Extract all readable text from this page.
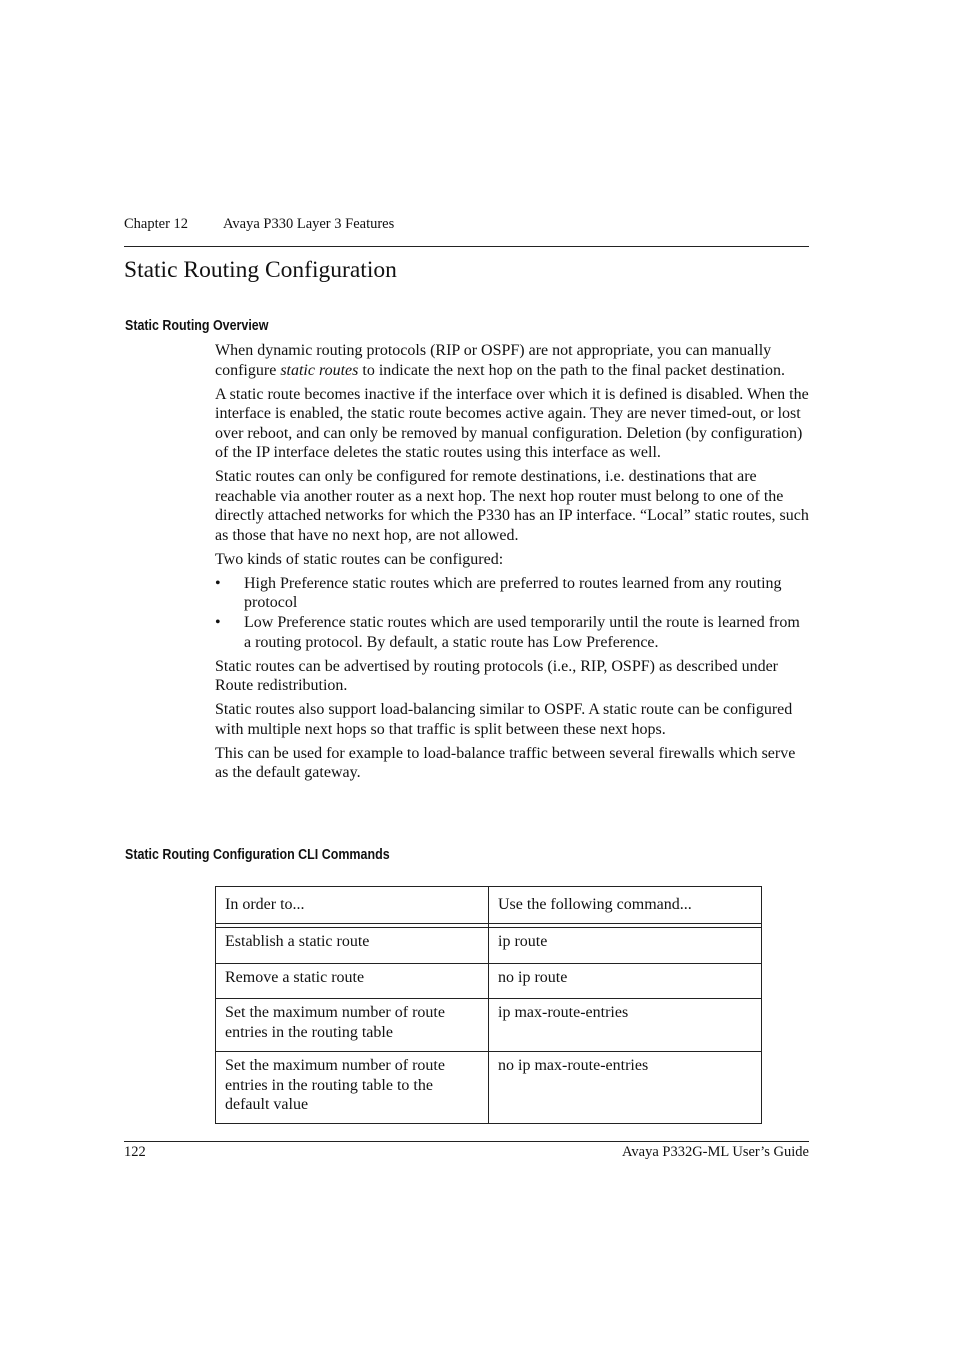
Chapter 12 Avaya P330 Layer 3 Features
Static Routing Configuration
Static Routing Overview

When dynamic routing protocols (RIP or OSPF) are not appropriate, you can manually configure static routes to indicate the next hop on the path to the final packet destination.

A static route becomes inactive if the interface over which it is defined is disabled. When the interface is enabled, the static route becomes active again. They are never timed-out, or lost over reboot, and can only be removed by manual configuration. Deletion (by configuration) of the IP interface deletes the static routes using this interface as well.

Static routes can only be configured for remote destinations, i.e. destinations that are reachable via another router as a next hop. The next hop router must belong to one of the directly attached networks for which the P330 has an IP interface. “Local” static routes, such as those that have no next hop, are not allowed.

Two kinds of static routes can be configured:

• High Preference static routes which are preferred to routes learned from any routing protocol
• Low Preference static routes which are used temporarily until the route is learned from a routing protocol. By default, a static route has Low Preference.

Static routes can be advertised by routing protocols (i.e., RIP, OSPF) as described under Route redistribution.

Static routes also support load-balancing similar to OSPF. A static route can be configured with multiple next hops so that traffic is split between these next hops.

This can be used for example to load-balance traffic between several firewalls which serve as the default gateway.

Static Routing Configuration CLI Commands
In order to...	Use the following command...

Establish a static route	ip route
Remove a static route	no ip route
Set the maximum number of route entries in the routing table	ip max-route-entries
Set the maximum number of route entries in the routing table to the default value	no ip max-route-entries
122	Avaya P332G-ML User’s Guide
